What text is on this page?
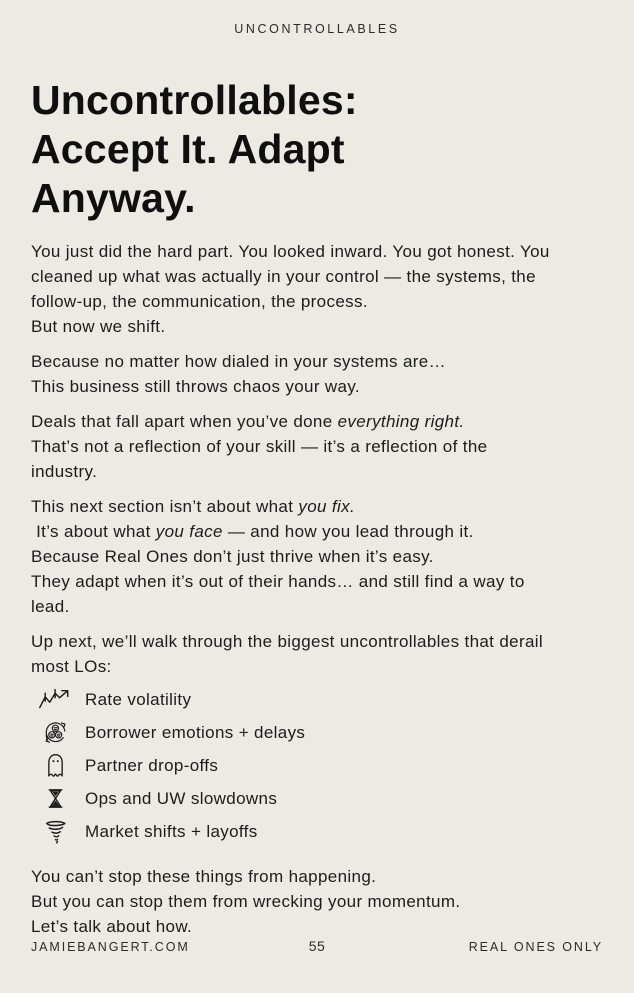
UNCONTROLLABLES
Uncontrollables:
Accept It. Adapt
Anyway.

You just did the hard part. You looked inward. You got honest. You
cleaned up what was actually in your control — the systems, the
follow-up, the communication, the process.
But now we shift.

Because no matter how dialed in your systems are…
This business still throws chaos your way.

Deals that fall apart when you’ve done everything right.
That’s not a reflection of your skill — it’s a reflection of the
industry.

This next section isn’t about what you fix.
It’s about what you face — and how you lead through it.
Because Real Ones don’t just thrive when it’s easy.
They adapt when it’s out of their hands… and still find a way to
lead.

Up next, we’ll walk through the biggest uncontrollables that derail
most LOs:

Rate volatility
Borrower emotions + delays
Partner drop-offs
Ops and UW slowdowns
Market shifts + layoffs

You can’t stop these things from happening.
But you can stop them from wrecking your momentum.
Let’s talk about how.

JAMIEBANGERT.COM	55	REAL ONES ONLY
